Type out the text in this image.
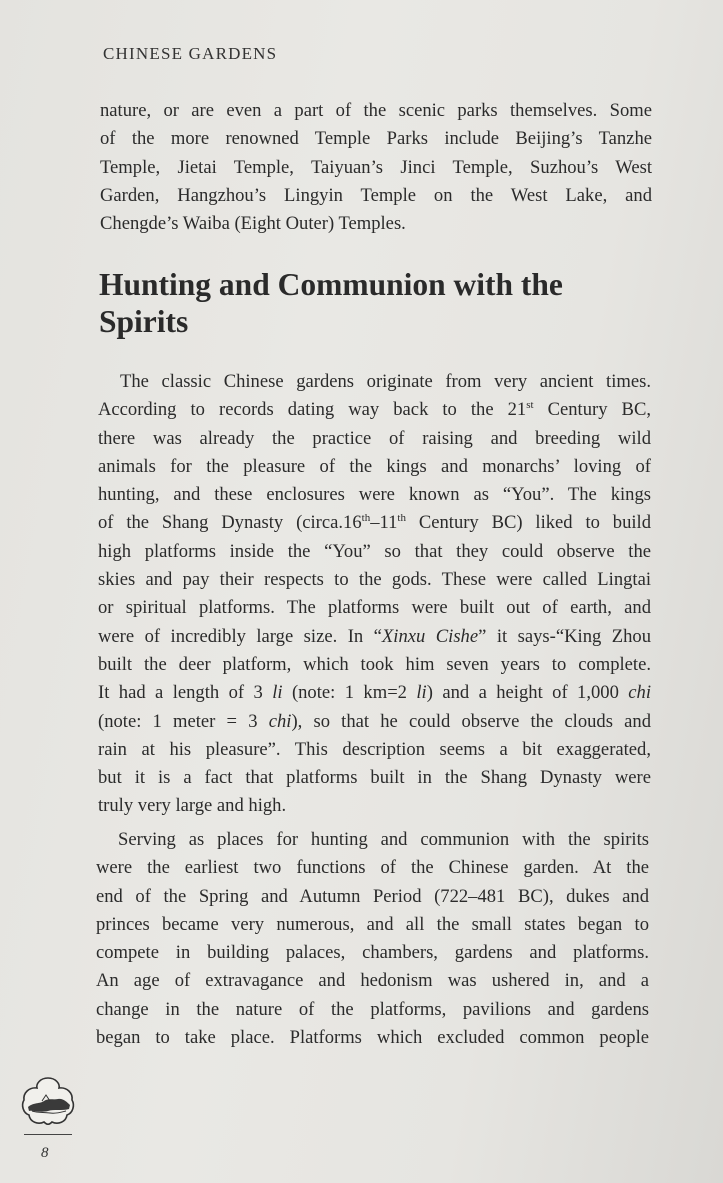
CHINESE GARDENS
nature, or are even a part of the scenic parks themselves. Some
of the more renowned Temple Parks include Beijing’s Tanzhe
Temple, Jietai Temple, Taiyuan’s Jinci Temple, Suzhou’s West
Garden, Hangzhou’s Lingyin Temple on the West Lake, and
Chengde’s Waiba (Eight Outer) Temples.
Hunting and Communion with the
Spirits
The classic Chinese gardens originate from very ancient times.
According to records dating way back to the 21st Century BC,
there was already the practice of raising and breeding wild
animals for the pleasure of the kings and monarchs’ loving of
hunting, and these enclosures were known as “You”. The kings
of the Shang Dynasty (circa.16th–11th Century BC) liked to build
high platforms inside the “You” so that they could observe the
skies and pay their respects to the gods. These were called Lingtai
or spiritual platforms. The platforms were built out of earth, and
were of incredibly large size. In “Xinxu Cishe” it says-“King Zhou
built the deer platform, which took him seven years to complete.
It had a length of 3 li (note: 1 km=2 li) and a height of 1,000 chi
(note: 1 meter = 3 chi), so that he could observe the clouds and
rain at his pleasure”. This description seems a bit exaggerated,
but it is a fact that platforms built in the Shang Dynasty were
truly very large and high.
Serving as places for hunting and communion with the spirits
were the earliest two functions of the Chinese garden. At the
end of the Spring and Autumn Period (722–481 BC), dukes and
princes became very numerous, and all the small states began to
compete in building palaces, chambers, gardens and platforms.
An age of extravagance and hedonism was ushered in, and a
change in the nature of the platforms, pavilions and gardens
began to take place. Platforms which excluded common people
8
